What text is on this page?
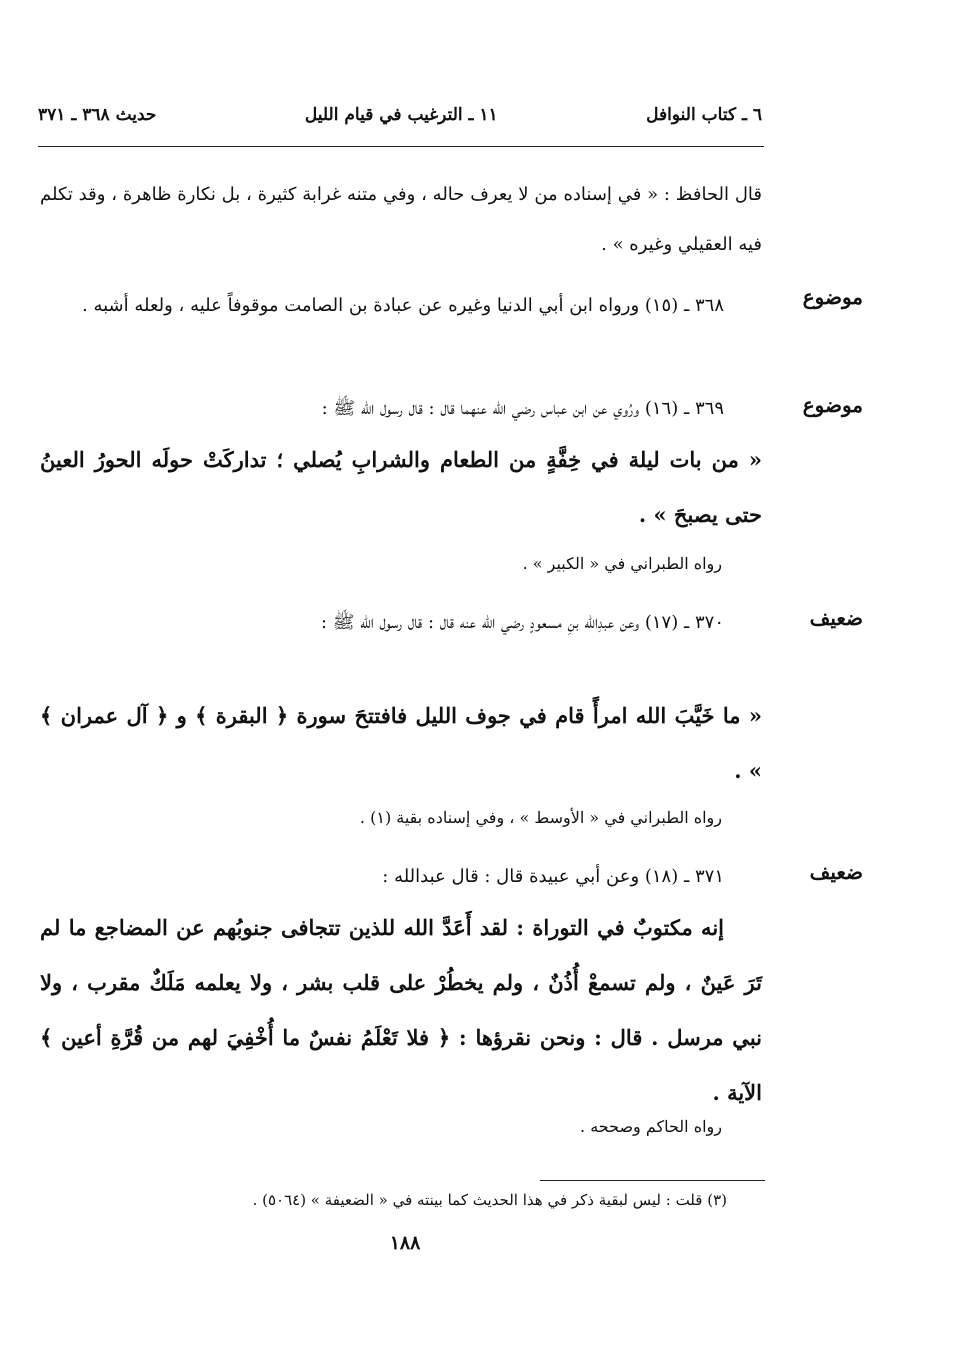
٦ ـ كتاب النوافل
١١ ـ الترغيب في قيام الليل
حديث ٣٦٨ ـ ٣٧١
قال الحافظ : « في إسناده من لا يعرف حاله ، وفي متنه غرابة كثيرة ، بل نكارة ظاهرة ، وقد تكلم فيه العقيلي وغيره » .
موضوع
٣٦٨ ـ (١٥) ورواه ابن أبي الدنيا وغيره عن عبادة بن الصامت موقوفاً عليه ، ولعله أشبه .
موضوع
٣٦٩ ـ (١٦) ورُوي عن ابن عباس رضي الله عنهما قال : قال رسول الله ﷺ :
« من بات ليلة في خِفَّةٍ من الطعام والشرابِ يُصلي ؛ تداركَتْ حولَه الحورُ العينُ حتى يصبحَ » .
رواه الطبراني في « الكبير » .
ضعيف
٣٧٠ ـ (١٧) وعن عبدِالله بنِ مسعودٍ رضي الله عنه قال : قال رسول الله ﷺ :
« ما خَيَّبَ الله امرأً قام في جوف الليل فافتتحَ سورة ﴿ البقرة ﴾ و ﴿ آل عمران ﴾ » .
رواه الطبراني في « الأوسط » ، وفي إسناده بقية (١) .
ضعيف
٣٧١ ـ (١٨) وعن أبي عبيدة قال : قال عبدالله :
إنه مكتوبٌ في التوراة : لقد أَعَدَّ الله للذين تتجافى جنوبُهم عن المضاجع ما لم تَرَ عَينٌ ، ولم تسمعْ أُذُنٌ ، ولم يخطُرْ على قلب بشر ، ولا يعلمه مَلَكٌ مقرب ، ولا نبي مرسل . قال : ونحن نقرؤها : ﴿ فلا تَعْلَمُ نفسٌ ما أُخْفِيَ لهم من قُرَّةِ أعين ﴾ الآية .
رواه الحاكم وصححه .
(٣) قلت : ليس لبقية ذكر في هذا الحديث كما بينته في « الضعيفة » (٥٠٦٤) .
١٨٨
